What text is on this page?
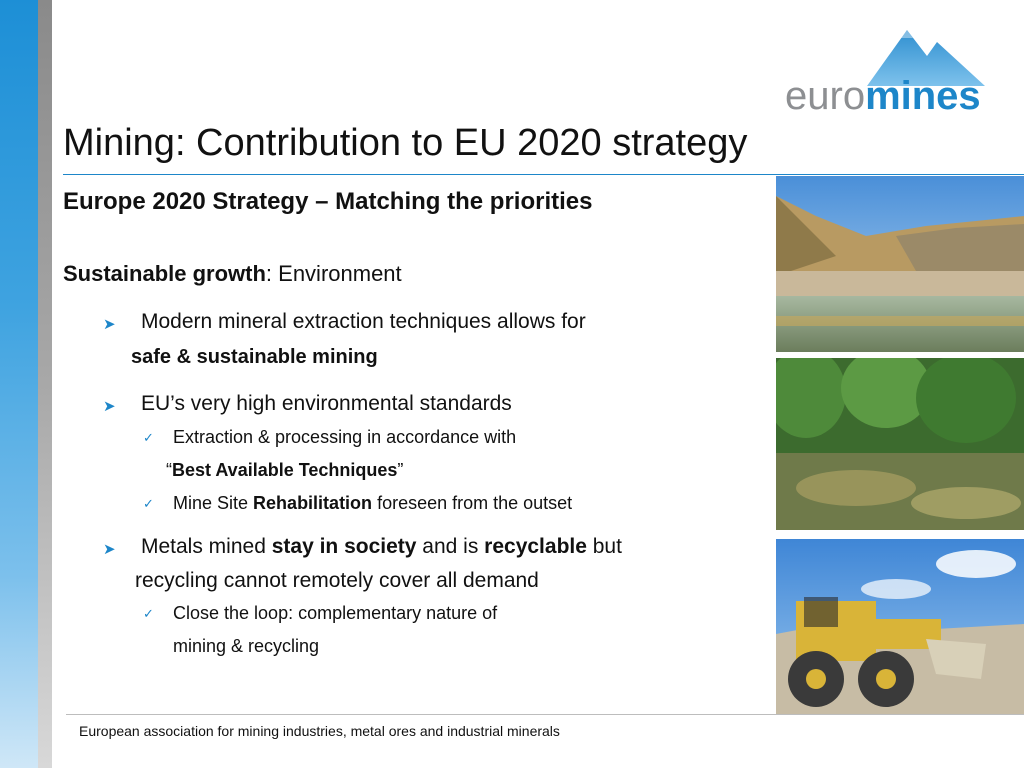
euromines
Mining: Contribution to EU 2020 strategy
Europe 2020 Strategy – Matching the priorities
Sustainable growth: Environment
➤ Modern mineral extraction techniques allows for
safe & sustainable mining
➤ EU’s very high environmental standards
✓ Extraction & processing in accordance with
“Best Available Techniques”
✓ Mine Site Rehabilitation foreseen from the outset
➤ Metals mined stay in society and is recyclable but
recycling cannot remotely cover all demand
✓ Close the loop: complementary nature of
mining & recycling
European association for mining industries, metal ores and industrial minerals
